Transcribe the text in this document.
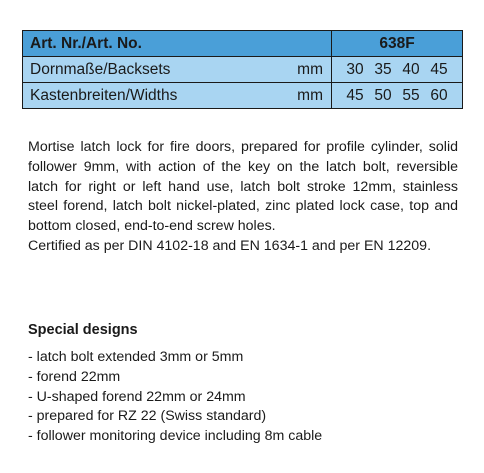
Art. Nr./Art. No.		638F
Dornmaße/Backsets	mm	30 35 40 45
Kastenbreiten/Widths	mm	45 50 55 60

Mortise latch lock for fire doors, prepared for profile cylinder, solid follower 9mm, with action of the key on the latch bolt, reversible latch for right or left hand use, latch bolt stroke 12mm, stainless steel forend, latch bolt nickel-plated, zinc plated lock case, top and bottom closed, end-to-end screw holes.

Certified as per DIN 4102-18 and EN 1634-1 and per EN 12209.

Special designs
- latch bolt extended 3mm or 5mm
- forend 22mm
- U-shaped forend 22mm or 24mm
- prepared for RZ 22 (Swiss standard)
- follower monitoring device including 8m cable
